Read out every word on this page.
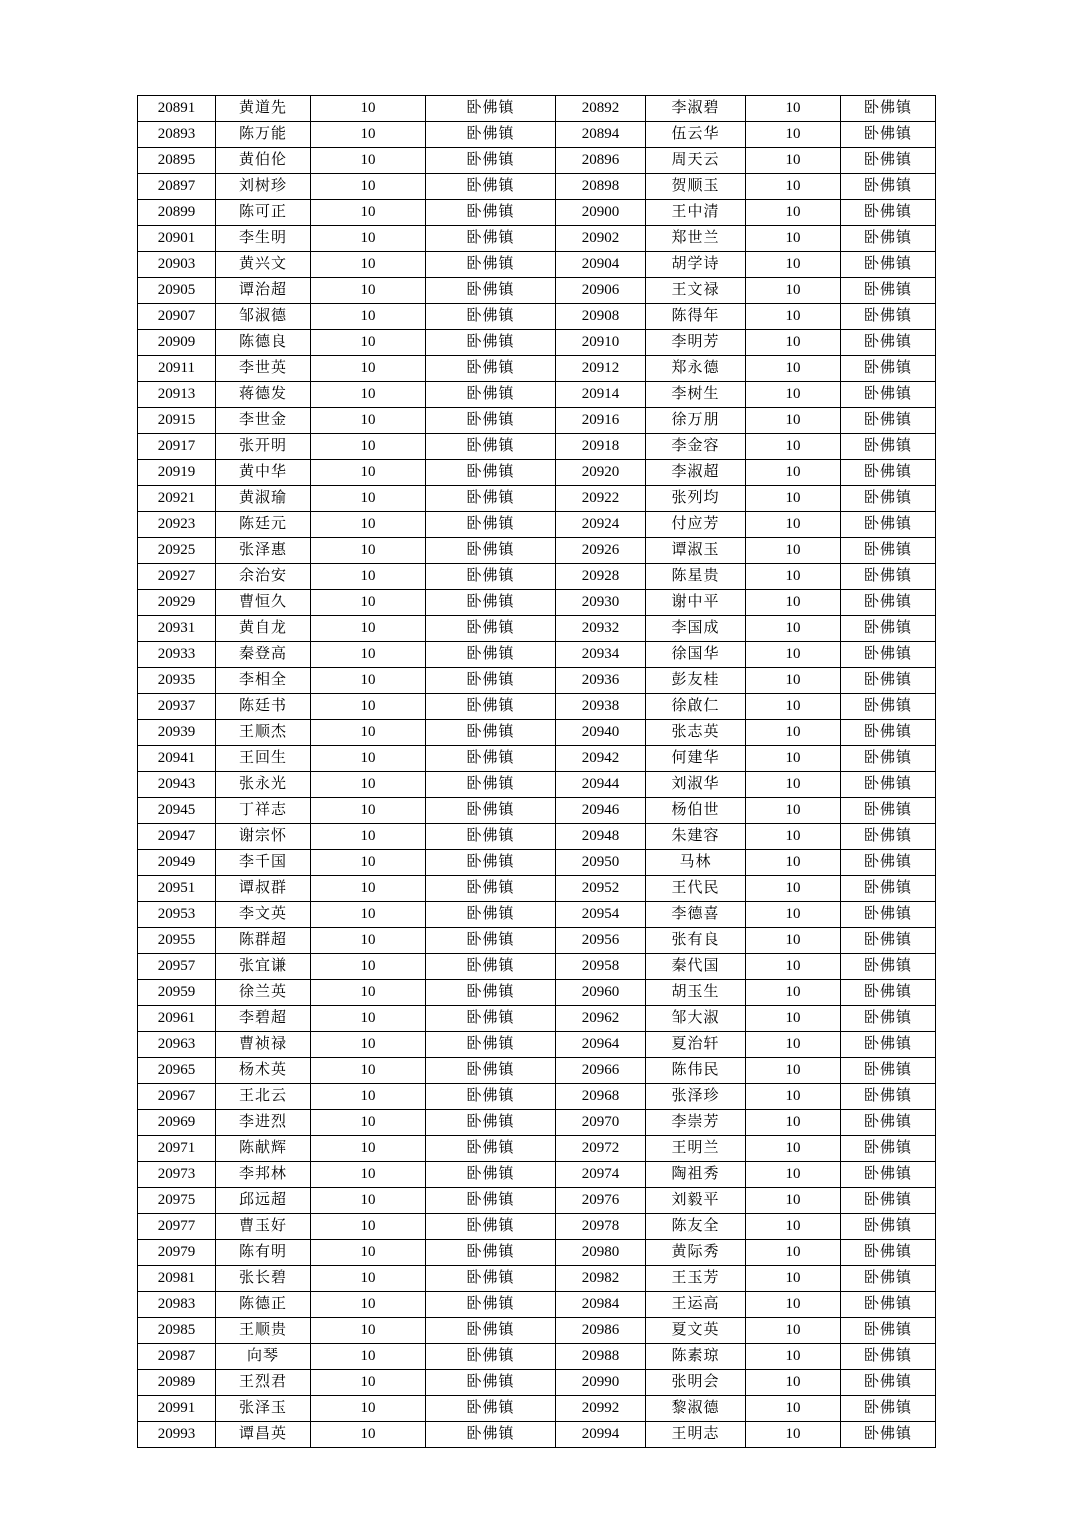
20891	黄道先	10	卧佛镇	20892	李淑碧	10	卧佛镇
20893	陈万能	10	卧佛镇	20894	伍云华	10	卧佛镇
20895	黄伯伦	10	卧佛镇	20896	周天云	10	卧佛镇
20897	刘树珍	10	卧佛镇	20898	贺顺玉	10	卧佛镇
20899	陈可正	10	卧佛镇	20900	王中清	10	卧佛镇
20901	李生明	10	卧佛镇	20902	郑世兰	10	卧佛镇
20903	黄兴文	10	卧佛镇	20904	胡学诗	10	卧佛镇
20905	谭治超	10	卧佛镇	20906	王文禄	10	卧佛镇
20907	邹淑德	10	卧佛镇	20908	陈得年	10	卧佛镇
20909	陈德良	10	卧佛镇	20910	李明芳	10	卧佛镇
20911	李世英	10	卧佛镇	20912	郑永德	10	卧佛镇
20913	蒋德发	10	卧佛镇	20914	李树生	10	卧佛镇
20915	李世金	10	卧佛镇	20916	徐万朋	10	卧佛镇
20917	张开明	10	卧佛镇	20918	李金容	10	卧佛镇
20919	黄中华	10	卧佛镇	20920	李淑超	10	卧佛镇
20921	黄淑瑜	10	卧佛镇	20922	张列均	10	卧佛镇
20923	陈廷元	10	卧佛镇	20924	付应芳	10	卧佛镇
20925	张泽惠	10	卧佛镇	20926	谭淑玉	10	卧佛镇
20927	余治安	10	卧佛镇	20928	陈星贵	10	卧佛镇
20929	曹恒久	10	卧佛镇	20930	谢中平	10	卧佛镇
20931	黄自龙	10	卧佛镇	20932	李国成	10	卧佛镇
20933	秦登高	10	卧佛镇	20934	徐国华	10	卧佛镇
20935	李相全	10	卧佛镇	20936	彭友桂	10	卧佛镇
20937	陈廷书	10	卧佛镇	20938	徐啟仁	10	卧佛镇
20939	王顺杰	10	卧佛镇	20940	张志英	10	卧佛镇
20941	王回生	10	卧佛镇	20942	何建华	10	卧佛镇
20943	张永光	10	卧佛镇	20944	刘淑华	10	卧佛镇
20945	丁祥志	10	卧佛镇	20946	杨伯世	10	卧佛镇
20947	谢宗怀	10	卧佛镇	20948	朱建容	10	卧佛镇
20949	李千国	10	卧佛镇	20950	马林	10	卧佛镇
20951	谭叔群	10	卧佛镇	20952	王代民	10	卧佛镇
20953	李文英	10	卧佛镇	20954	李德喜	10	卧佛镇
20955	陈群超	10	卧佛镇	20956	张有良	10	卧佛镇
20957	张宜谦	10	卧佛镇	20958	秦代国	10	卧佛镇
20959	徐兰英	10	卧佛镇	20960	胡玉生	10	卧佛镇
20961	李碧超	10	卧佛镇	20962	邹大淑	10	卧佛镇
20963	曹祯禄	10	卧佛镇	20964	夏治轩	10	卧佛镇
20965	杨术英	10	卧佛镇	20966	陈伟民	10	卧佛镇
20967	王北云	10	卧佛镇	20968	张泽珍	10	卧佛镇
20969	李进烈	10	卧佛镇	20970	李崇芳	10	卧佛镇
20971	陈献辉	10	卧佛镇	20972	王明兰	10	卧佛镇
20973	李邦林	10	卧佛镇	20974	陶祖秀	10	卧佛镇
20975	邱远超	10	卧佛镇	20976	刘毅平	10	卧佛镇
20977	曹玉好	10	卧佛镇	20978	陈友全	10	卧佛镇
20979	陈有明	10	卧佛镇	20980	黄际秀	10	卧佛镇
20981	张长碧	10	卧佛镇	20982	王玉芳	10	卧佛镇
20983	陈德正	10	卧佛镇	20984	王运高	10	卧佛镇
20985	王顺贵	10	卧佛镇	20986	夏文英	10	卧佛镇
20987	向琴	10	卧佛镇	20988	陈素琼	10	卧佛镇
20989	王烈君	10	卧佛镇	20990	张明会	10	卧佛镇
20991	张泽玉	10	卧佛镇	20992	黎淑德	10	卧佛镇
20993	谭昌英	10	卧佛镇	20994	王明志	10	卧佛镇
